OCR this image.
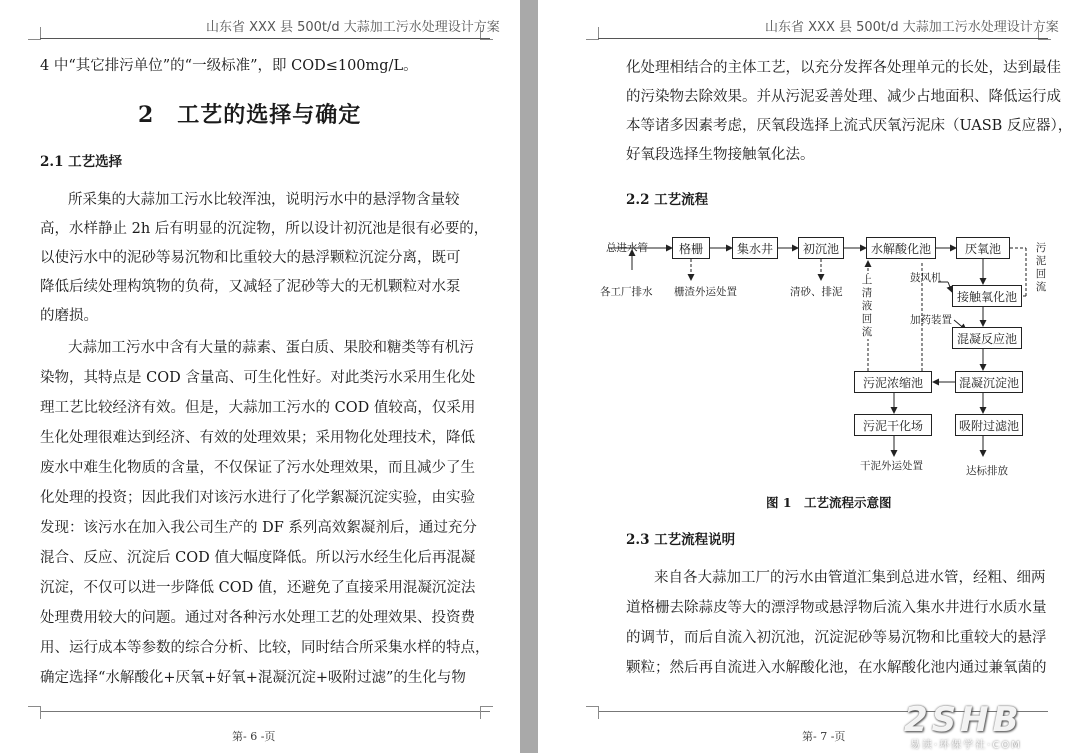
山东省 XXX 县 500t/d 大蒜加工污水处理设计方案
4 中“其它排污单位”的“一级标准”，即 COD≤100mg/L。
2　工艺的选择与确定
2.1 工艺选择
所采集的大蒜加工污水比较浑浊，说明污水中的悬浮物含量较
高，水样静止 2h 后有明显的沉淀物，所以设计初沉池是很有必要的，
以使污水中的泥砂等易沉物和比重较大的悬浮颗粒沉淀分离，既可
降低后续处理构筑物的负荷，又减轻了泥砂等大的无机颗粒对水泵
的磨损。
大蒜加工污水中含有大量的蒜素、蛋白质、果胶和糖类等有机污
染物，其特点是 COD 含量高、可生化性好。对此类污水采用生化处
理工艺比较经济有效。但是，大蒜加工污水的 COD 值较高，仅采用
生化处理很难达到经济、有效的处理效果；采用物化处理技术，降低
废水中难生化物质的含量，不仅保证了污水处理效果，而且减少了生
化处理的投资；因此我们对该污水进行了化学絮凝沉淀实验，由实验
发现：该污水在加入我公司生产的 DF 系列高效絮凝剂后，通过充分
混合、反应、沉淀后 COD 值大幅度降低。所以污水经生化后再混凝
沉淀，不仅可以进一步降低 COD 值，还避免了直接采用混凝沉淀法
处理费用较大的问题。通过对各种污水处理工艺的处理效果、投资费
用、运行成本等参数的综合分析、比较，同时结合所采集水样的特点，
确定选择“水解酸化+厌氧+好氧+混凝沉淀+吸附过滤”的生化与物
第- 6 -页
山东省 XXX 县 500t/d 大蒜加工污水处理设计方案
化处理相结合的主体工艺，以充分发挥各处理单元的长处，达到最佳
的污染物去除效果。并从污泥妥善处理、减少占地面积、降低运行成
本等诸多因素考虑，厌氧段选择上流式厌氧污泥床（UASB 反应器），
好氧段选择生物接触氧化法。
2.2 工艺流程
总进水管
各工厂排水 栅渣外运处置	清砂、排泥
鼓风机
加药装置
污泥回流
上清液回流
干泥外运处置	达标排放
格栅	集水井	初沉池	水解酸化池	厌氧池
接触氧化池
混凝反应池
混凝沉淀池
吸附过滤池
污泥浓缩池
污泥干化场
图 1　工艺流程示意图
2.3 工艺流程说明
来自各大蒜加工厂的污水由管道汇集到总进水管，经粗、细两
道格栅去除蒜皮等大的漂浮物或悬浮物后流入集水井进行水质水量
的调节，而后自流入初沉池，沉淀泥砂等易沉物和比重较大的悬浮
颗粒；然后再自流进入水解酸化池，在水解酸化池内通过兼氧菌的
第- 7 -页 2SHB
易读·环保学社·COM
